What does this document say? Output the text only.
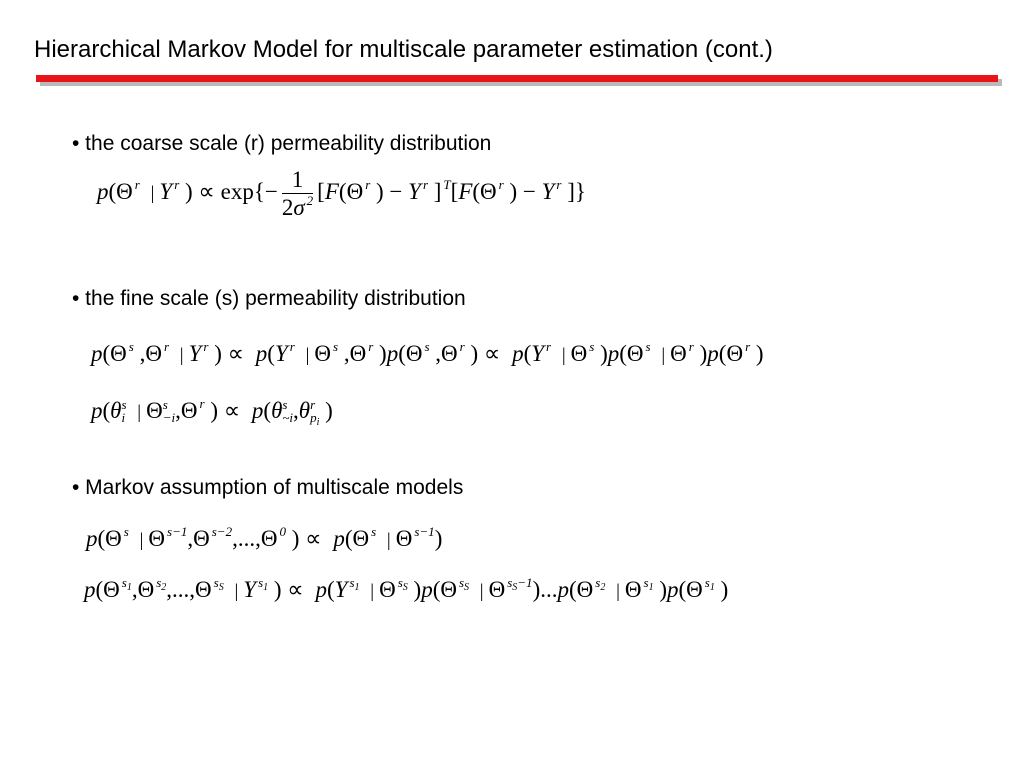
Hierarchical Markov Model for multiscale parameter estimation (cont.)
• the coarse scale (r) permeability distribution
p(Θ $^r$ | Y $^r$ ) ∝ $\exp\{- \frac{1}{2\sigma ^2} [F(\Theta$ $^r$ ) − Y $^r$ ] $^T$[F(Θ $^r$ ) − Y $^r$ ]}
• the fine scale (s) permeability distribution
p(Θ $^s$ ,Θ $^r$ | Y $^r$ ) ∝ p(Y $^r$ | Θ $^s$ ,Θ $^r$ )p(Θ $^s$ ,Θ $^r$ ) ∝ p(Y $^r$ | Θ $^s$ )p(Θ $^s$ | Θ $^r$ )p(Θ $^r$ )
p(θ s
i | Θ s
−i ,Θ $^r$ ) ∝ p(θ s
~i ,θ r
$p_i$ )
• Markov assumption of multiscale models
p(Θ $^s$ | Θ $^{s-1}$,Θ $^{s-2}$,...,Θ $^0$ ) ∝ p(Θ $^s$ | Θ $^{s-1}$)
p(Θ $^{s_1}$,Θ $^{s_2}$,...,Θ $^{s_S}$ | Y $^{s_1}$ ) ∝ p(Y $^{s_1}$ | Θ $^{s_S}$ )p(Θ $^{s_S}$ | Θ $^{s_S-1}$)...p(Θ $^{s_2}$ | Θ $^{s_1}$ )p(Θ $^{s_1}$ )
